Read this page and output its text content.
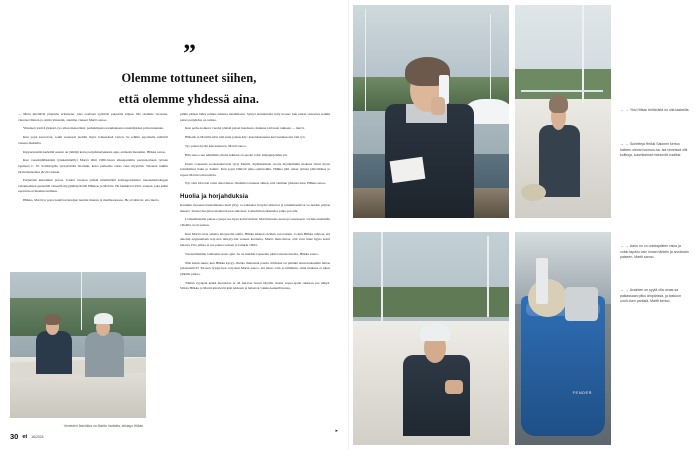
”
Olemme tottuneet siihen,
että olemme yhdessä aina.

— Muut mieltävät järjestön erilaisena, joka osaltaan pyrkivät purjehtia kilpaa. Me olemme vieraana, viereiset Meren ja omiin yhteisiin, olemme vieneet Martti sanoo.

Yhteinen ystävä järjestö-tyo alkoi meneväksi, parhaimpana narumaksena ranskiljoiden pöörenriennan.

Kun pojat kasvoivat, rouhi veneessä jaettiin myös lomaerässä varten. Se tehtiin arpomalla tehtävät veneen mukailla.

Kippariensäin kerkäliä saanut on jäättäjä kohu purjehduslaaksien ajan, entisenä meneiksi. Hilkka sanoo.

Kun veneitäjällikkiinä tyisikemmöllyt Martti lähti 1980-luvun alkuapurkilla perunatomaan tyrisan tajalleen C. W. Sohlbergille tyistyhtiöitä Suomiin, koko perheelle rakas vene myyntiin. Taisekat tutkiin järvitemaisemat järvät taalaan.

Purjehdus kuiteinkin poissi. Joiden vuosien päästä miettimättä kohtapparamiset rueenalankollegan vahameelikol-punseillä veneellä myyjäähdytiiväät Hilkkaa ja Marttia. He hankkivat 9321-veneen, joka kulki uponni korvinsakin tuulhesa.

Hilkka, Martti ja pojat nauttivat kissijen tuomat mansia ja merilkaonessa. He otvalinvat, etta merta

pitkin pääsee lähes reimee tahansa maailmassa. Syntyi laulutuntäre tutty tuosse: kun ellaan veneessä, kaikki paitei purjehdus on turhaa.

Kun perhe kotkeve vuodet pääntä palaei huomeen, mukana taili uusi rakkaan — mervi.

Hilkalle ja Martille kävi niin kuin joskus käy: lastenlesteneisa karvaatukasonta taiti työ.

Tyo pitaai hyvän kurranaturen, Martti sanoo.

Hän sanoo sen leikillään, mutta leikissä on puolet totta: kilpapurjehdus jäi.

Ensin voneeerie sookrasuksveivi tyryi Marttii. Kymmeninen vuotta myöhemmin makana oltrut myös loitsikiäiset Saku ja Samtri. Kun pojat lähtivät jatko-opiintoihin, Hilkka jätti oman työnsä pätivääänsa ja rupesi Martin toikavetttäa.

Nyt ohoi hitvolan raina olkovinnas. Olemme tottuneet siihen, että olemme yhdessä aina, Hilkka sanoo.

Huolia ja horjahduksia

Kannkin vieraanvoriestaimaana tuuli yltyy ra-vakaaksi. Köyder nitkuvat ja raiummaaisivat ve-neiden paljtaa muesta. Veneet huojuvat niennä tireren aalloissa. Laiturihin notkahtelee jalko-jen alla.

Lomaemänsilta pakaa-a purpvose lipsa kohti laituria, Martti huutaa neuvoja veneeseen: vä-hän enemmän vihsällä, tuoli paisuu.

Kun Martti ottaa askelta huojuvalla aialla, Hilkka käsken oleman varovainen. Ja kun Hilkka uduvaa, etä aikotun nappaamaan leiy-den laheyty-tän veneen kotalaita, Martti muis-tuttaa, että veni tulee hyjaa kohti laitaria. Etta jalkaa ei saa panna veneen ja laiturin välilä.

Varolettitemme toimaeme koko ajan. Se on meidän tapaseme pitää toisensa huolta, Hilkka sanoo.

Niin kauin sekin, kun Hilkka kysyy. Oletko muistanut paudu ritträsiset tai pitänkö sinun kaiteeikin lahtaa pelastusliivit? Tai kun tyyspi-tien voiyonut Martti aanoo, etä meno vain jo-täilleikin, siinä tuulessa ei jaksa pitkälle pintaa.

Tämän syynpää kelkä luonnolsu te oli hui-baa tiossä näyttää, mutta vapaa-ajalla rakkaan saa näkyä. Sillois Hilkka ja Martti kävelevät käsi kädessä ja halaavat vaikka keskellä katua.

Veneiden tekniikka on Martin hartialla, siistays Hilkan.
30 et 16/2024
▸
FENDER
→ → Yksi Hilkan tehtävistä on olla laatarilla.
→ → Suhetteja Heikki Salonen kertoo halleen olevan kunnos-sa. Isa veneissä ollit kollhuja, suomitalmat meniovät vuoliksi.
→ → Aano on on ontstajalleen raina ja voidu tapailu vain luman tärkein ja arvokkain paiseen, Martti sanoo.
→ → Avainten on syytä olla omas-sa paikassaan pitku ämpärissä, ja taskuun unoh-tuen paräsiä, Martti kertoo.
